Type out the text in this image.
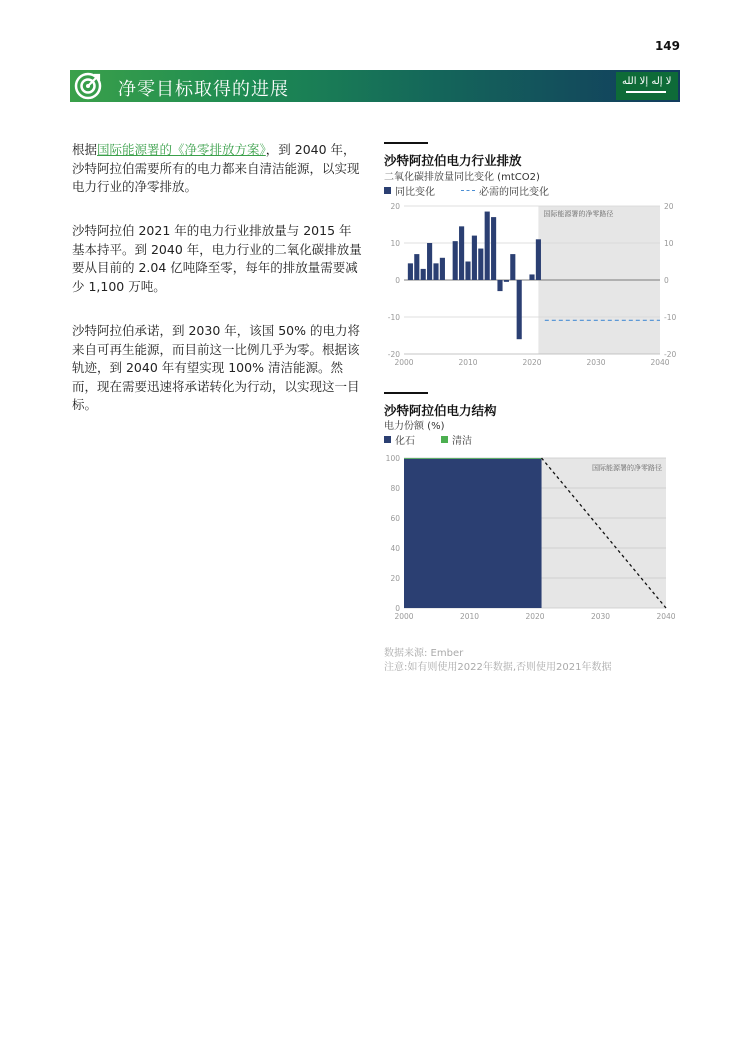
149
净零目标取得的进展	لا إله إلا الله
根据国际能源署的《净零排放方案》，到 2040 年，沙特阿拉伯需要所有的电力都来自清洁能源，以实现电力行业的净零排放。
沙特阿拉伯 2021 年的电力行业排放量与 2015 年基本持平。到 2040 年，电力行业的二氧化碳排放量要从目前的 2.04 亿吨降至零，每年的排放量需要减少 1,100 万吨。
沙特阿拉伯承诺，到 2030 年，该国 50% 的电力将来自可再生能源，而目前这一比例几乎为零。根据该轨迹，到 2040 年有望实现 100% 清洁能源。然而，现在需要迅速将承诺转化为行动，以实现这一目标。
沙特阿拉伯电力行业排放
二氧化碳排放量同比变化 (mtCO2)
同比变化	必需的同比变化
20	20
10	10
0	0
-10	-10
-20	-20
2000	2010	2020	2030	2040
国际能源署的净零路径
沙特阿拉伯电力结构
电力份额 (%)
化石	清洁
100
80
60
40
20
0
2000	2010	2020	2030	2040
国际能源署的净零路径
数据来源: Ember
注意:如有则使用2022年数据,否则使用2021年数据
